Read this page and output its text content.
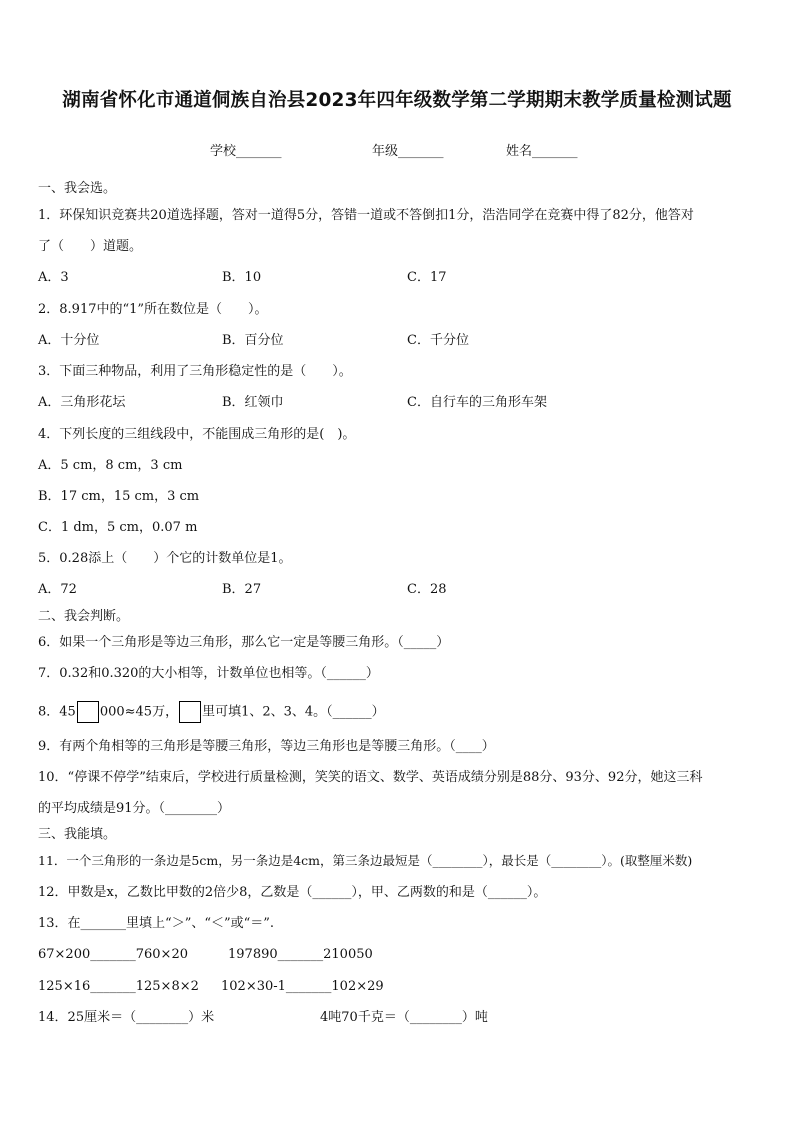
湖南省怀化市通道侗族自治县2023年四年级数学第二学期期末教学质量检测试题
学校_______	年级_______	姓名_______
一、我会选。
1．环保知识竞赛共20道选择题，答对一道得5分，答错一道或不答倒扣1分，浩浩同学在竞赛中得了82分，他答对
了（　　）道题。
A．3	B．10	C．17
2．8.917中的“1”所在数位是（　　）。
A．十分位	B．百分位	C．千分位
3．下面三种物品，利用了三角形稳定性的是（　　）。
A．三角形花坛	B．红领巾	C．自行车的三角形车架
4．下列长度的三组线段中，不能围成三角形的是(　)。
A．5 cm，8 cm，3 cm
B．17 cm，15 cm，3 cm
C．1 dm，5 cm，0.07 m
5．0.28添上（　　）个它的计数单位是1。
A．72	B．27	C．28
二、我会判断。
6．如果一个三角形是等边三角形，那么它一定是等腰三角形。（_____）
7．0.32和0.320的大小相等，计数单位也相等。（______）
8．45 000≈45万， 里可填1、2、3、4。（______）
9．有两个角相等的三角形是等腰三角形，等边三角形也是等腰三角形。（____）
10．“停课不停学”结束后，学校进行质量检测，笑笑的语文、数学、英语成绩分别是88分、93分、92分，她这三科
的平均成绩是91分。（________）
三、我能填。
11．一个三角形的一条边是5cm，另一条边是4cm，第三条边最短是（________），最长是（________）。(取整厘米数)
12．甲数是x，乙数比甲数的2倍少8，乙数是（______），甲、乙两数的和是（______）。
13．在_______里填上“＞”、“＜”或“＝”.
67×200_______760×20	197890_______210050
125×16_______125×8×2 102×30-1_______102×29
14．25厘米＝（________）米	4吨70千克＝（________）吨
